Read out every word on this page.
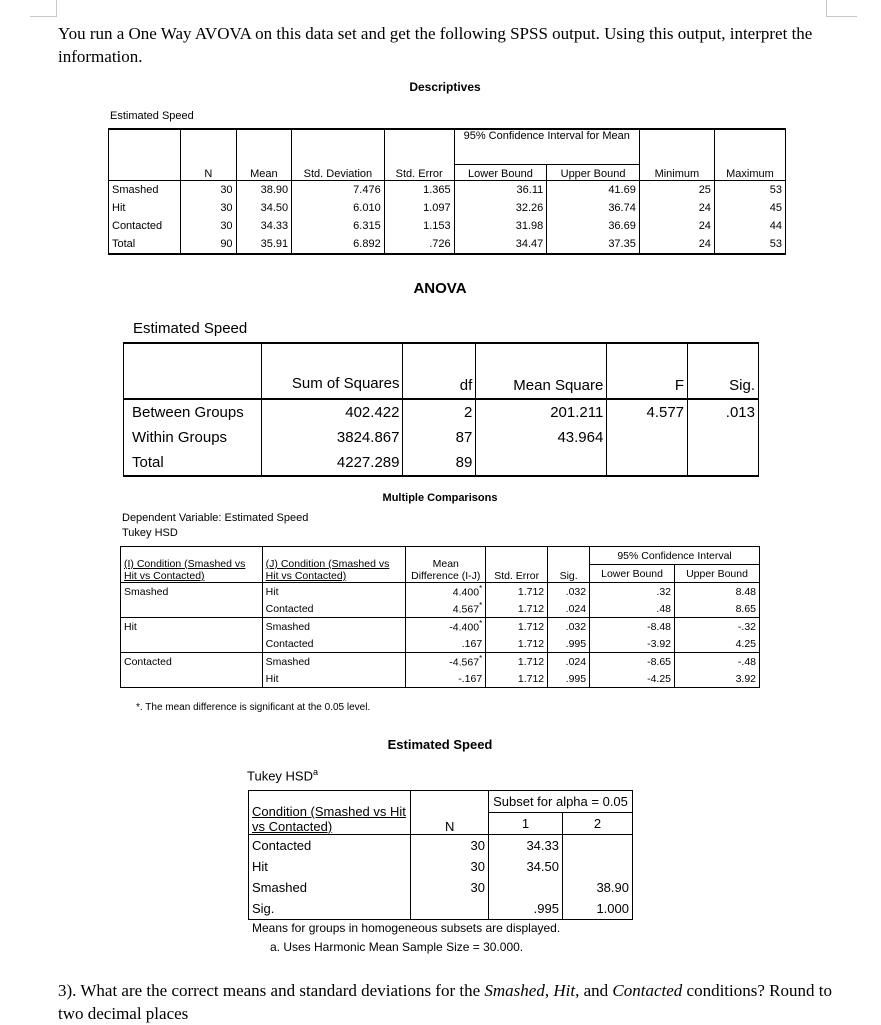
You run a One Way AVOVA on this data set and get the following SPSS output. Using this output, interpret the information.
Descriptives
Estimated Speed
					95% Confidence Interval for Mean			
	N	Mean	Std. Deviation	Std. Error	Lower Bound	Upper Bound	Minimum	Maximum
Smashed	30	38.90	7.476	1.365	36.11	41.69	25	53
Hit	30	34.50	6.010	1.097	32.26	36.74	24	45
Contacted	30	34.33	6.315	1.153	31.98	36.69	24	44
Total	90	35.91	6.892	.726	34.47	37.35	24	53
ANOVA
Estimated Speed
	Sum of Squares	df	Mean Square	F	Sig.
Between Groups	402.422	2	201.211	4.577	.013
Within Groups	3824.867	87	43.964		
Total	4227.289	89			
Multiple Comparisons
Dependent Variable: Estimated Speed
Tukey HSD
(I) Condition (Smashed vs Hit vs Contacted)	(J) Condition (Smashed vs Hit vs Contacted)	Mean Difference (I-J)	Std. Error	Sig.	95% Confidence Interval	
					Lower Bound	Upper Bound
Smashed	Hit	4.400*	1.712	.032	.32	8.48
	Contacted	4.567*	1.712	.024	.48	8.65
Hit	Smashed	-4.400*	1.712	.032	-8.48	-.32
	Contacted	.167	1.712	.995	-3.92	4.25
Contacted	Smashed	-4.567*	1.712	.024	-8.65	-.48
	Hit	-.167	1.712	.995	-4.25	3.92
*. The mean difference is significant at the 0.05 level.
Estimated Speed
Tukey HSD$^a$
Condition (Smashed vs Hit vs Contacted)	N	Subset for alpha = 0.05	
		1	2
Contacted	30	34.33	
Hit	30	34.50	
Smashed	30		38.90
Sig.		.995	1.000
Means for groups in homogeneous subsets are displayed.
a. Uses Harmonic Mean Sample Size = 30.000.
3). What are the correct means and standard deviations for the Smashed, Hit, and Contacted conditions? Round to two decimal places
